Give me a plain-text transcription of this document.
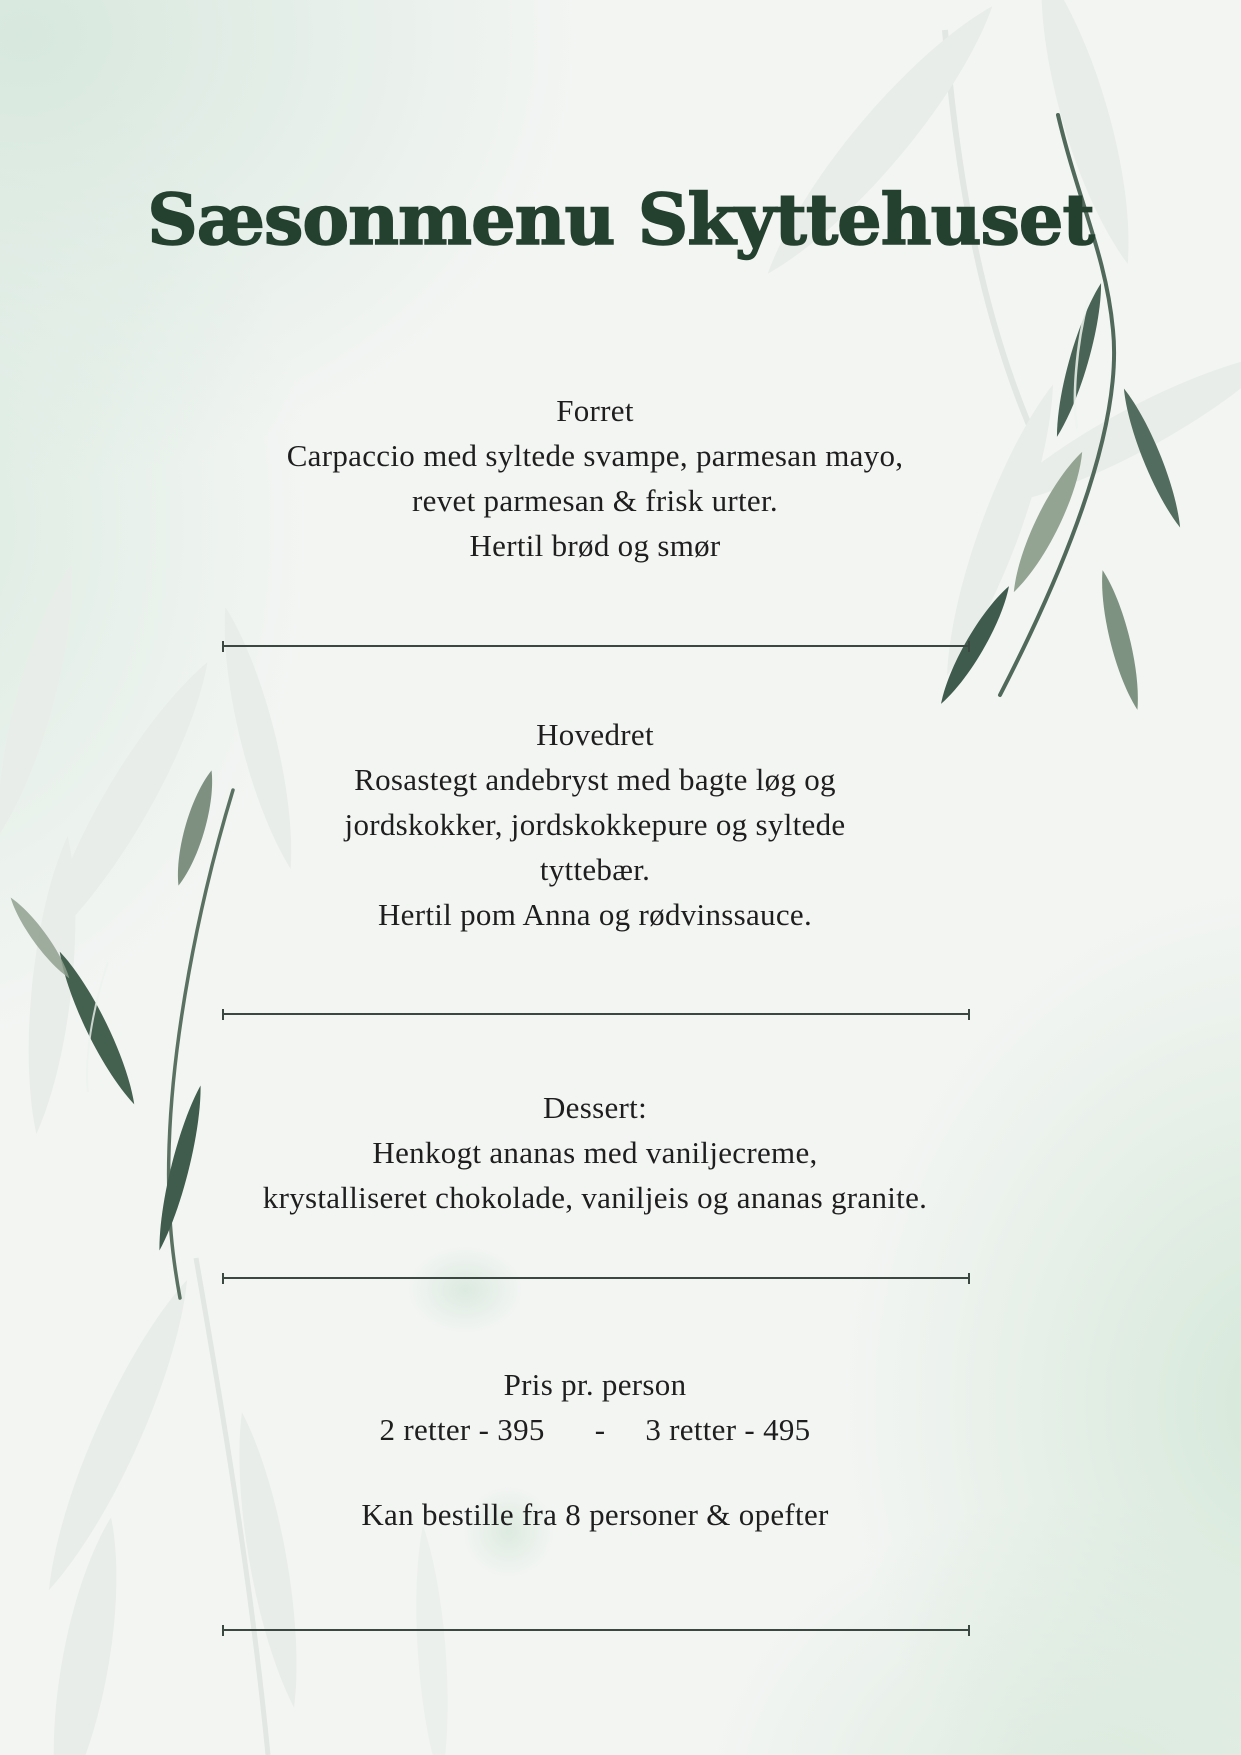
Sæsonmenu Skyttehuset
Forret
Carpaccio med syltede svampe, parmesan mayo,
revet parmesan & frisk urter.
Hertil brød og smør
Hovedret
Rosastegt andebryst med bagte løg og
jordskokker, jordskokkepure og syltede
tyttebær.
Hertil pom Anna og rødvinssauce.
Dessert:
Henkogt ananas med vaniljecreme,
krystalliseret chokolade, vaniljeis og ananas granite.
Pris pr. person
2 retter - 395 - 3 retter - 495
Kan bestille fra 8 personer & opefter
